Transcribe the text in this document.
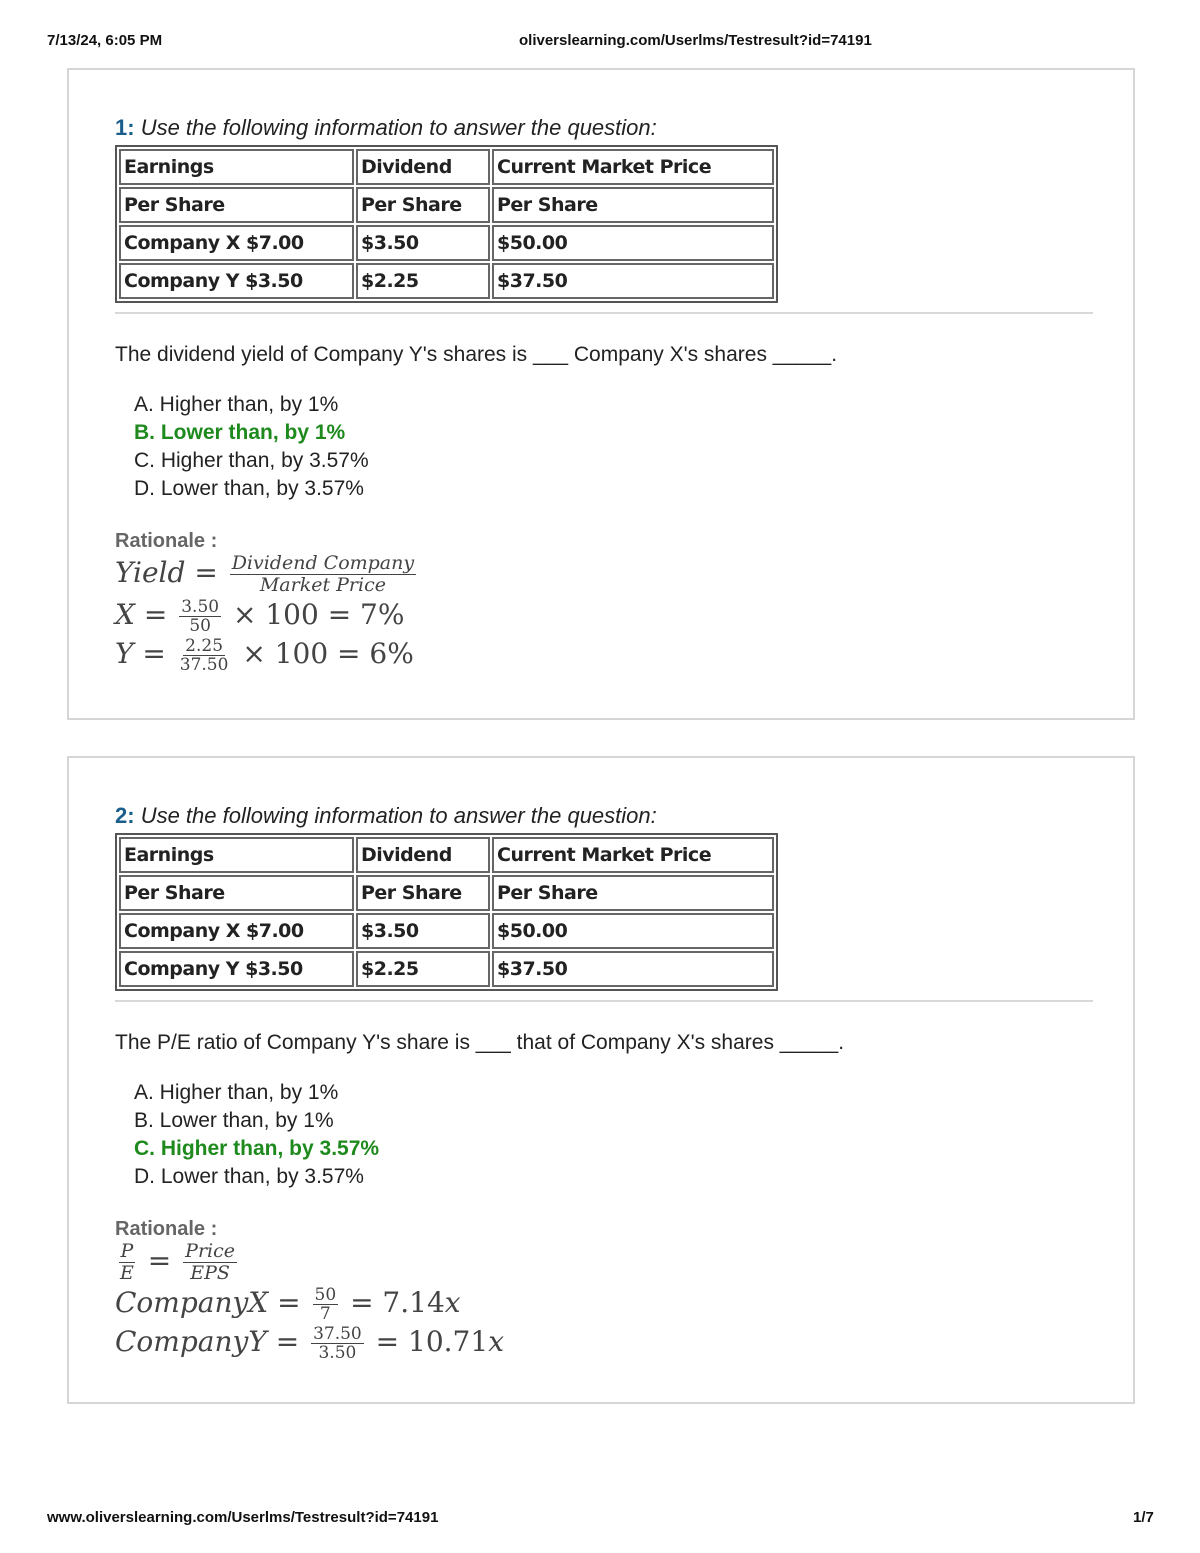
7/13/24, 6:05 PM	oliverslearning.com/Userlms/Testresult?id=74191

1: Use the following information to answer the question:

Earnings	Dividend	Current Market Price
Per Share	Per Share	Per Share
Company X $7.00	$3.50	$50.00
Company Y $3.50	$2.25	$37.50

The dividend yield of Company Y's shares is ___ Company X's shares _____.

A. Higher than, by 1%
B. Lower than, by 1%
C. Higher than, by 3.57%
D. Lower than, by 3.57%
Rationale :
Yield = $\frac{\text{Dividend Company}}{\text{Market Price}}$
$X = \frac{3.50}{50} \times 100 = 7\%$
$Y = \frac{2.25}{37.50} \times 100 = 6\%$

2: Use the following information to answer the question:

Earnings	Dividend	Current Market Price
Per Share	Per Share	Per Share
Company X $7.00	$3.50	$50.00
Company Y $3.50	$2.25	$37.50

The P/E ratio of Company Y's share is ___ that of Company X's shares _____.

A. Higher than, by 1%
B. Lower than, by 1%
C. Higher than, by 3.57%
D. Lower than, by 3.57%
Rationale :
$\frac{P}{E} = \frac{\text{Price}}{\text{EPS}}$
CompanyX = $\frac{50}{7} = 7.14x$
CompanyY = $\frac{37.50}{3.50} = 10.71x$
www.oliverslearning.com/Userlms/Testresult?id=74191	1/7
